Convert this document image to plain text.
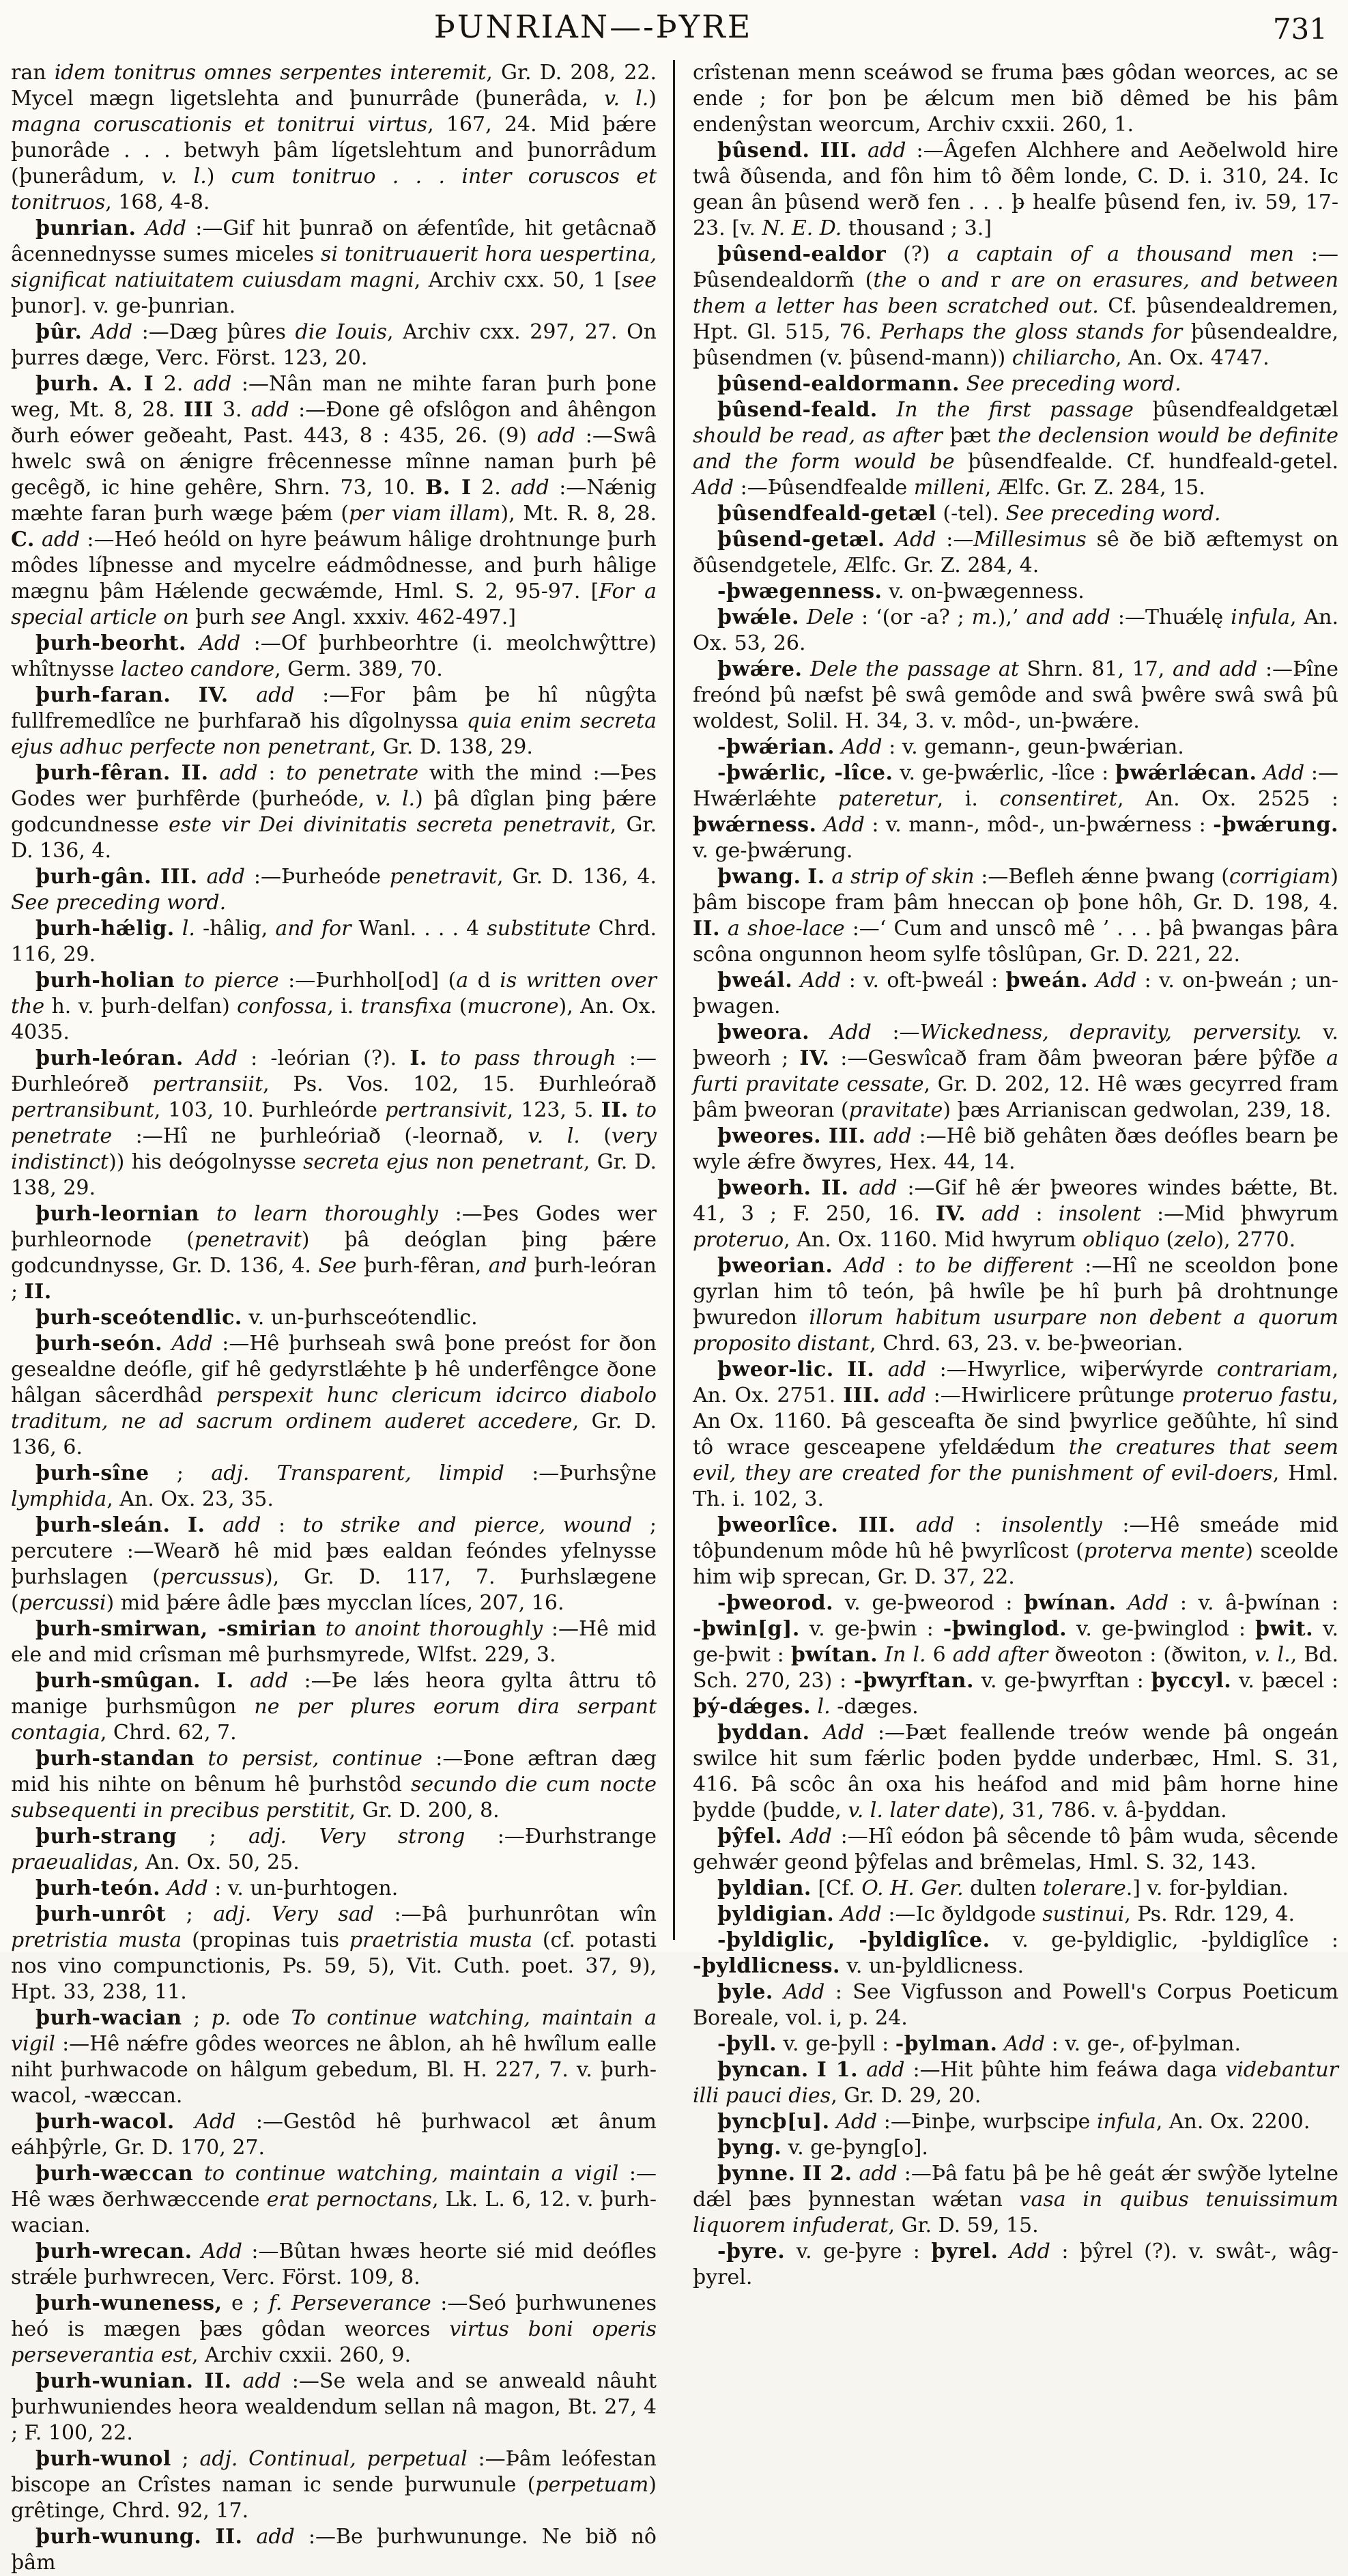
ÞUNRIAN—-ÞYRE	731

ran idem tonitrus omnes serpentes interemit, Gr. D. 208, 22. Mycel mægn ligetslehta and þunurrâde (þunerâda, v. l.) magna coruscationis et tonitrui virtus, 167, 24. Mid þǽre þunorâde . . . betwyh þâm lígetslehtum and þunorrâdum (þunerâdum, v. l.) cum tonitruo . . . inter coruscos et tonitruos, 168, 4-8.

þunrian. Add :—Gif hit þunrað on ǽfentîde, hit getâcnað âcennednysse sumes miceles si tonitruauerit hora uespertina, significat natiuitatem cuiusdam magni, Archiv cxx. 50, 1 [see þunor]. v. ge-þunrian.

þûr. Add :—Dæg þûres die Iouis, Archiv cxx. 297, 27. On þurres dæge, Verc. Först. 123, 20.

þurh. A. I 2. add :—Nân man ne mihte faran þurh þone weg, Mt. 8, 28. III 3. add :—Ðone gê ofslôgon and âhêngon ðurh eówer geðeaht, Past. 443, 8 : 435, 26. (9) add :—Swâ hwelc swâ on ǽnigre frêcennesse mînne naman þurh þê gecêgð, ic hine gehêre, Shrn. 73, 10. B. I 2. add :—Nǽnig mæhte faran þurh wæge þǽm (per viam illam), Mt. R. 8, 28. C. add :—Heó heóld on hyre þeáwum hâlige drohtnunge þurh môdes líþnesse and mycelre eádmôdnesse, and þurh hâlige mægnu þâm Hǽlende gecwǽmde, Hml. S. 2, 95-97. [For a special article on þurh see Angl. xxxiv. 462-497.]

þurh-beorht. Add :—Of þurhbeorhtre (i. meolchwŷttre) whîtnysse lacteo candore, Germ. 389, 70.

þurh-faran. IV. add :—For þâm þe hî nûgŷta fullfremedlîce ne þurhfarað his dîgolnyssa quia enim secreta ejus adhuc perfecte non penetrant, Gr. D. 138, 29.

þurh-fêran. II. add : to penetrate with the mind :—Þes Godes wer þurhfêrde (þurheóde, v. l.) þâ dîglan þing þǽre godcundnesse este vir Dei divinitatis secreta penetravit, Gr. D. 136, 4.

þurh-gân. III. add :—Þurheóde penetravit, Gr. D. 136, 4. See preceding word.

þurh-hǽlig. l. -hâlig, and for Wanl. . . . 4 substitute Chrd. 116, 29.

þurh-holian to pierce :—Þurhhol[od] (a d is written over the h. v. þurh-delfan) confossa, i. transfixa (mucrone), An. Ox. 4035.

þurh-leóran. Add : -leórian (?). I. to pass through :—Ðurhleóreð pertransiit, Ps. Vos. 102, 15. Ðurhleórað pertransibunt, 103, 10. Þurhleórde pertransivit, 123, 5. II. to penetrate :—Hî ne þurhleóriað (-leornað, v. l. (very indistinct)) his deógolnysse secreta ejus non penetrant, Gr. D. 138, 29.

þurh-leornian to learn thoroughly :—Þes Godes wer þurhleornode (penetravit) þâ deóglan þing þǽre godcundnysse, Gr. D. 136, 4. See þurh-fêran, and þurh-leóran ; II.

þurh-sceótendlic. v. un-þurhsceótendlic.

þurh-seón. Add :—Hê þurhseah swâ þone preóst for ðon gesealdne deófle, gif hê gedyrstlǽhte þ̵ hê underfêngce ðone hâlgan sâcerdhâd perspexit hunc clericum idcirco diabolo traditum, ne ad sacrum ordinem auderet accedere, Gr. D. 136, 6.

þurh-sîne ; adj. Transparent, limpid :—Þurhsŷne lymphida, An. Ox. 23, 35.

þurh-sleán. I. add : to strike and pierce, wound ; percutere :—Wearð hê mid þæs ealdan feóndes yfelnysse þurhslagen (percussus), Gr. D. 117, 7. Þurhslægene (percussi) mid þǽre âdle þæs mycclan líces, 207, 16.

þurh-smirwan, -smirian to anoint thoroughly :—Hê mid ele and mid crîsman mê þurhsmyrede, Wlfst. 229, 3.

þurh-smûgan. I. add :—Þe lǽs heora gylta âttru tô manige þurhsmûgon ne per plures eorum dira serpant contagia, Chrd. 62, 7.

þurh-standan to persist, continue :—Þone æftran dæg mid his nihte on bênum hê þurhstôd secundo die cum nocte subsequenti in precibus perstitit, Gr. D. 200, 8.

þurh-strang ; adj. Very strong :—Ðurhstrange praeualidas, An. Ox. 50, 25.

þurh-teón. Add : v. un-þurhtogen.

þurh-unrôt ; adj. Very sad :—Þâ þurhunrôtan wîn pretristia musta (propinas tuis praetristia musta (cf. potasti nos vino compunctionis, Ps. 59, 5), Vit. Cuth. poet. 37, 9), Hpt. 33, 238, 11.

þurh-wacian ; p. ode To continue watching, maintain a vigil :—Hê nǽfre gôdes weorces ne âblon, ah hê hwîlum ealle niht þurhwacode on hâlgum gebedum, Bl. H. 227, 7. v. þurh-wacol, -wæccan.

þurh-wacol. Add :—Gestôd hê þurhwacol æt ânum eáhþŷrle, Gr. D. 170, 27.

þurh-wæccan to continue watching, maintain a vigil :—Hê wæs ðerhwæccende erat pernoctans, Lk. L. 6, 12. v. þurh-wacian.

þurh-wrecan. Add :—Bûtan hwæs heorte sié mid deófles strǽle þurhwrecen, Verc. Först. 109, 8.

þurh-wuneness, e ; f. Perseverance :—Seó þurhwunenes heó is mægen þæs gôdan weorces virtus boni operis perseverantia est, Archiv cxxii. 260, 9.

þurh-wunian. II. add :—Se wela and se anweald nâuht þurhwuniendes heora wealdendum sellan nâ magon, Bt. 27, 4 ; F. 100, 22.

þurh-wunol ; adj. Continual, perpetual :—Þâm leófestan biscope an Crîstes naman ic sende þurwunule (perpetuam) grêtinge, Chrd. 92, 17.

þurh-wunung. II. add :—Be þurhwununge. Ne bið nô þâm

crîstenan menn sceáwod se fruma þæs gôdan weorces, ac se ende ; for þon þe ǽlcum men bið dêmed be his þâm endenŷstan weorcum, Archiv cxxii. 260, 1.

þûsend. III. add :—Âgefen Alchhere and Aeðelwold hire twâ ðûsenda, and fôn him tô ðêm londe, C. D. i. 310, 24. Ic gean ân þûsend werð fen . . . þ̵ healfe þûsend fen, iv. 59, 17-23. [v. N. E. D. thousand ; 3.]

þûsend-ealdor (?) a captain of a thousand men :—Þûsendealdorm̃ (the o and r are on erasures, and between them a letter has been scratched out. Cf. þûsendealdremen, Hpt. Gl. 515, 76. Perhaps the gloss stands for þûsendealdre, þûsendmen (v. þûsend-mann)) chiliarcho, An. Ox. 4747.

þûsend-ealdormann. See preceding word.

þûsend-feald. In the first passage þûsendfealdgetæl should be read, as after þæt the declension would be definite and the form would be þûsendfealde. Cf. hundfeald-getel. Add :—Þûsendfealde milleni, Ælfc. Gr. Z. 284, 15.

þûsendfeald-getæl (-tel). See preceding word.

þûsend-getæl. Add :—Millesimus sê ðe bið æftemyst on ðûsendgetele, Ælfc. Gr. Z. 284, 4.

-þwægenness. v. on-þwægenness.

þwǽle. Dele : ‘(or -a? ; m.),’ and add :—Thuǽlę infula, An. Ox. 53, 26.

þwǽre. Dele the passage at Shrn. 81, 17, and add :—Þîne freónd þû næfst þê swâ gemôde and swâ þwêre swâ swâ þû woldest, Solil. H. 34, 3. v. môd-, un-þwǽre.

-þwǽrian. Add : v. gemann-, geun-þwǽrian.

-þwǽrlic, -lîce. v. ge-þwǽrlic, -lîce : þwǽrlǽcan. Add :—Hwǽrlǽhte pateretur, i. consentiret, An. Ox. 2525 : þwǽrness. Add : v. mann-, môd-, un-þwǽrness : -þwǽrung. v. ge-þwǽrung.

þwang. I. a strip of skin :—Befleh ǽnne þwang (corrigiam) þâm biscope fram þâm hneccan oþ þone hôh, Gr. D. 198, 4. II. a shoe-lace :—‘ Cum and unscô mê ’ . . . þâ þwangas þâra scôna ongunnon heom sylfe tôslûpan, Gr. D. 221, 22.

þweál. Add : v. oft-þweál : þweán. Add : v. on-þweán ; un-þwagen.

þweora. Add :—Wickedness, depravity, perversity. v. þweorh ; IV. :—Geswîcað fram ðâm þweoran þǽre þŷfðe a furti pravitate cessate, Gr. D. 202, 12. Hê wæs gecyrred fram þâm þweoran (pravitate) þæs Arrianiscan gedwolan, 239, 18.

þweores. III. add :—Hê bið gehâten ðæs deófles bearn þe wyle ǽfre ðwyres, Hex. 44, 14.

þweorh. II. add :—Gif hê ǽr þweores windes bǽtte, Bt. 41, 3 ; F. 250, 16. IV. add : insolent :—Mid þhwyrum proteruo, An. Ox. 1160. Mid hwyrum obliquo (zelo), 2770.

þweorian. Add : to be different :—Hî ne sceoldon þone gyrlan him tô teón, þâ hwîle þe hî þurh þâ drohtnunge þwuredon illorum habitum usurpare non debent a quorum proposito distant, Chrd. 63, 23. v. be-þweorian.

þweor-lic. II. add :—Hwyrlice, wiþerẃyrde contrariam, An. Ox. 2751. III. add :—Hwirlicere prûtunge proteruo fastu, An Ox. 1160. Þâ gesceafta ðe sind þwyrlice geðûhte, hî sind tô wrace gesceapene yfeldǽdum the creatures that seem evil, they are created for the punishment of evil-doers, Hml. Th. i. 102, 3.

þweorlîce. III. add : insolently :—Hê smeáde mid tôþundenum môde hû hê þwyrlîcost (proterva mente) sceolde him wiþ sprecan, Gr. D. 37, 22.

-þweorod. v. ge-þweorod : þwínan. Add : v. â-þwínan : -þwin[g]. v. ge-þwin : -þwinglod. v. ge-þwinglod : þwit. v. ge-þwit : þwítan. In l. 6 add after ðweoton : (ðwiton, v. l., Bd. Sch. 270, 23) : -þwyrftan. v. ge-þwyrftan : þyccyl. v. þæcel : þý-dǽges. l. -dæges.

þyddan. Add :—Þæt feallende treów wende þâ ongeán swilce hit sum fǽrlic þoden þydde underbæc, Hml. S. 31, 416. Þâ scôc ân oxa his heáfod and mid þâm horne hine þydde (þudde, v. l. later date), 31, 786. v. â-þyddan.

þŷfel. Add :—Hî eódon þâ sêcende tô þâm wuda, sêcende gehwǽr geond þŷfelas and brêmelas, Hml. S. 32, 143.

þyldian. [Cf. O. H. Ger. dulten tolerare.] v. for-þyldian.

þyldigian. Add :—Ic ðyldgode sustinui, Ps. Rdr. 129, 4.

-þyldiglic, -þyldiglîce. v. ge-þyldiglic, -þyldiglîce : -þyldlicness. v. un-þyldlicness.

þyle. Add : See Vigfusson and Powell's Corpus Poeticum Boreale, vol. i, p. 24.

-þyll. v. ge-þyll : -þylman. Add : v. ge-, of-þylman.

þyncan. I 1. add :—Hit þûhte him feáwa daga videbantur illi pauci dies, Gr. D. 29, 20.

þyncþ[u]. Add :—Þinþe, wurþscipe infula, An. Ox. 2200.

þyng. v. ge-þyng[o].

þynne. II 2. add :—Þâ fatu þâ þe hê geát ǽr swŷðe lytelne dǽl þæs þynnestan wǽtan vasa in quibus tenuissimum liquorem infuderat, Gr. D. 59, 15.

-þyre. v. ge-þyre : þyrel. Add : þŷrel (?). v. swât-, wâg-þyrel.
